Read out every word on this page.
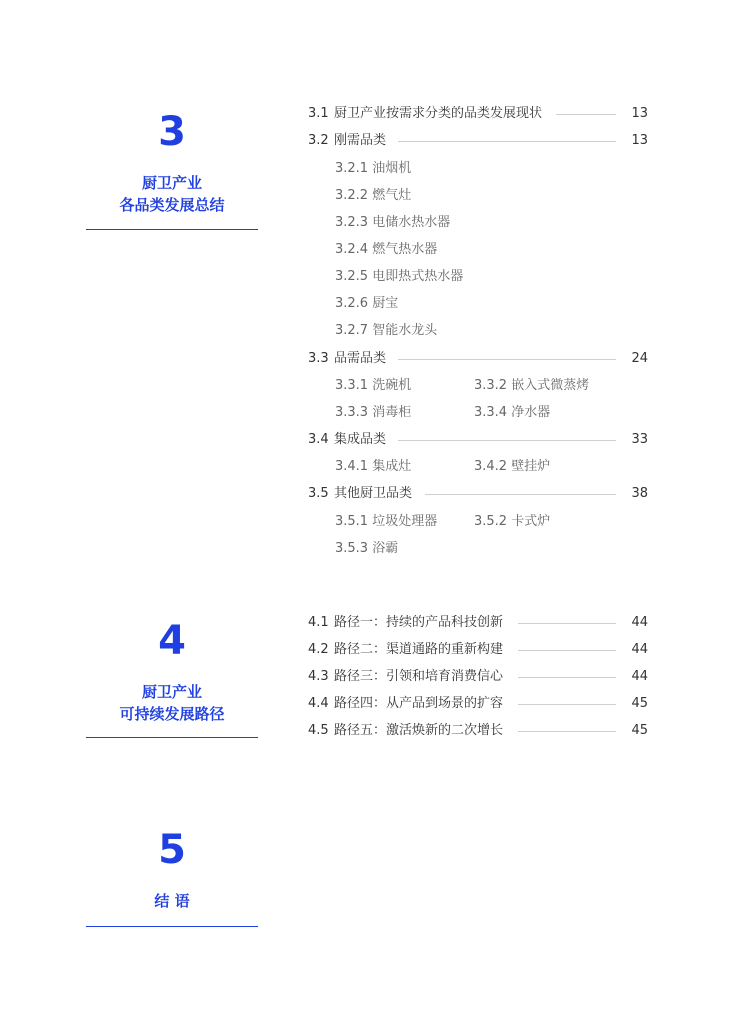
3
厨卫产业
各品类发展总结
4
厨卫产业
可持续发展路径
5
结 语
3.1 厨卫产业按需求分类的品类发展现状	13
3.2 刚需品类	13
3.2.1 油烟机
3.2.2 燃气灶
3.2.3 电储水热水器
3.2.4 燃气热水器
3.2.5 电即热式热水器
3.2.6 厨宝
3.2.7 智能水龙头
3.3 品需品类	24
3.3.1 洗碗机	3.3.2 嵌入式微蒸烤
3.3.3 消毒柜	3.3.4 净水器
3.4 集成品类	33
3.4.1 集成灶	3.4.2 壁挂炉
3.5 其他厨卫品类	38
3.5.1 垃圾处理器	3.5.2 卡式炉
3.5.3 浴霸
4.1 路径一：持续的产品科技创新	44
4.2 路径二：渠道通路的重新构建	44
4.3 路径三：引领和培育消费信心	44
4.4 路径四：从产品到场景的扩容	45
4.5 路径五：激活焕新的二次增长	45
